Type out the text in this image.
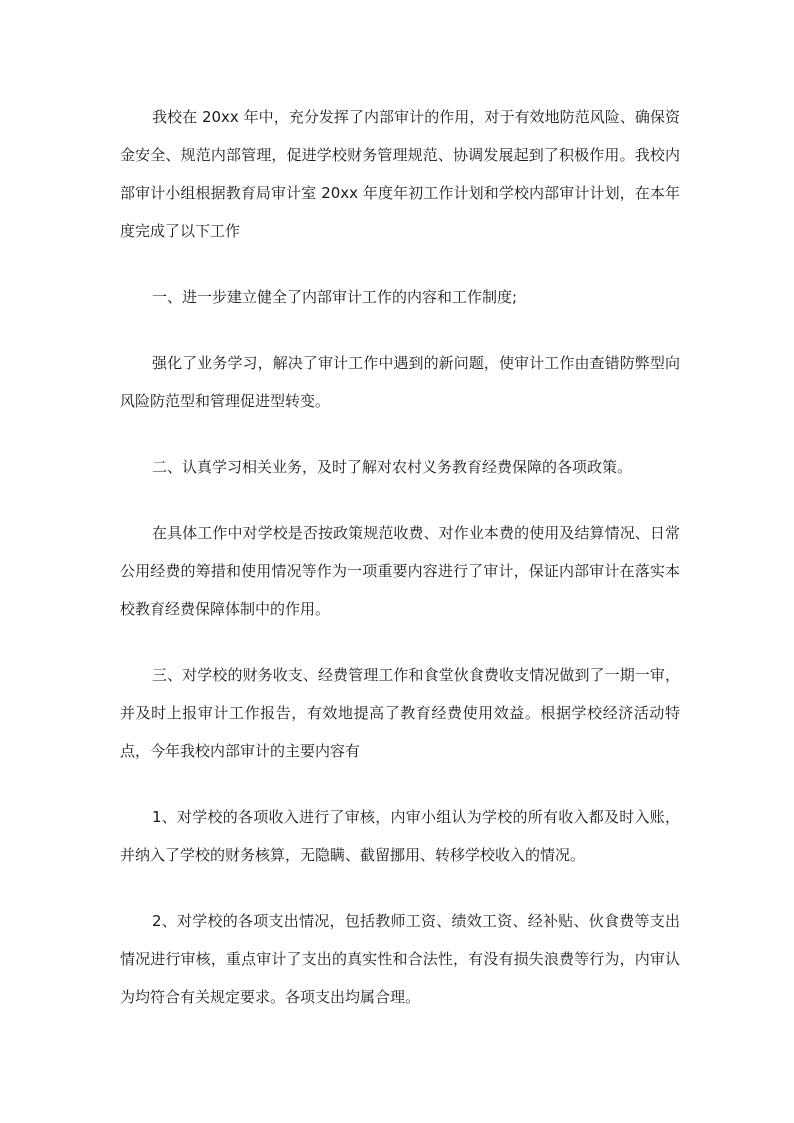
我校在 20xx 年中，充分发挥了内部审计的作用，对于有效地防范风险、确保资金安全、规范内部管理，促进学校财务管理规范、协调发展起到了积极作用。我校内部审计小组根据教育局审计室 20xx 年度年初工作计划和学校内部审计计划，在本年度完成了以下工作

一、进一步建立健全了内部审计工作的内容和工作制度;

强化了业务学习，解决了审计工作中遇到的新问题，使审计工作由查错防弊型向风险防范型和管理促进型转变。

二、认真学习相关业务，及时了解对农村义务教育经费保障的各项政策。

在具体工作中对学校是否按政策规范收费、对作业本费的使用及结算情况、日常公用经费的筹措和使用情况等作为一项重要内容进行了审计，保证内部审计在落实本校教育经费保障体制中的作用。

三、对学校的财务收支、经费管理工作和食堂伙食费收支情况做到了一期一审，并及时上报审计工作报告，有效地提高了教育经费使用效益。根据学校经济活动特点，今年我校内部审计的主要内容有

1、对学校的各项收入进行了审核，内审小组认为学校的所有收入都及时入账，并纳入了学校的财务核算，无隐瞒、截留挪用、转移学校收入的情况。

2、对学校的各项支出情况，包括教师工资、绩效工资、经补贴、伙食费等支出情况进行审核，重点审计了支出的真实性和合法性，有没有损失浪费等行为，内审认为均符合有关规定要求。各项支出均属合理。
